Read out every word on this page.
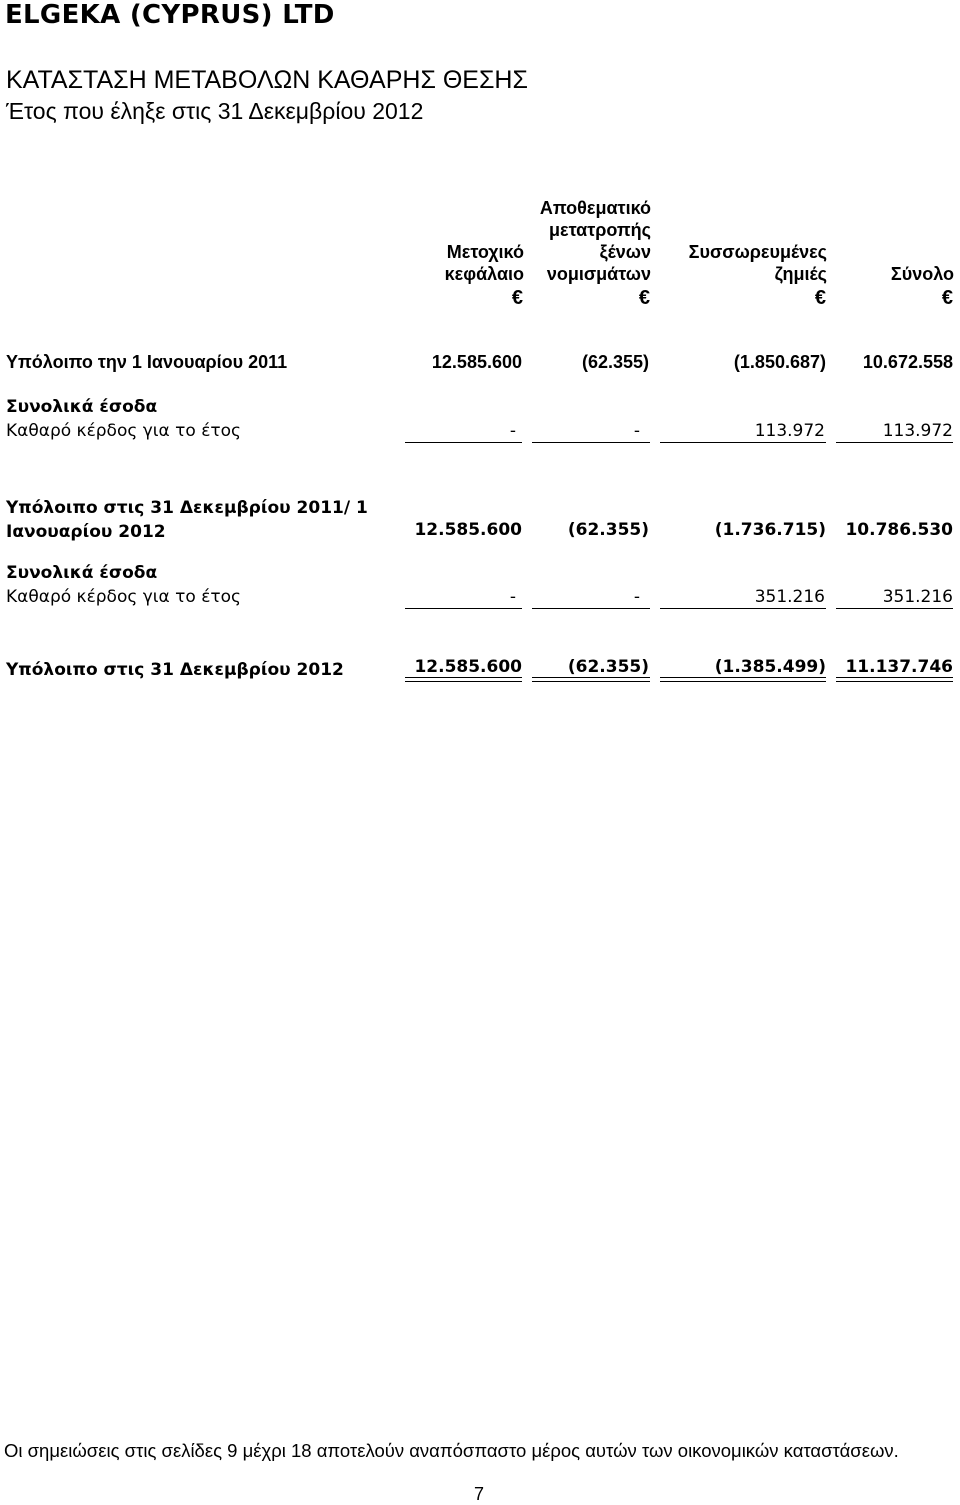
ELGEKA (CYPRUS) LTD
ΚΑΤΑΣΤΑΣΗ ΜΕΤΑΒΟΛΩΝ ΚΑΘΑΡΗΣ ΘΕΣΗΣ
Έτος που έληξε στις 31 Δεκεμβρίου 2012
Μετοχικό
κεφάλαιο
Αποθεματικό
μετατροπής
ξένων
νομισμάτων
Συσσωρευμένες
ζημιές	Σύνολο
€	€	€	€
Υπόλοιπο την 1 Ιανουαρίου 2011	12.585.600	(62.355)	(1.850.687) 10.672.558
Συνολικά έσοδα
Καθαρό κέρδος για το έτος	-	-	113.972	113.972
Υπόλοιπο στις 31 Δεκεμβρίου 2011/ 1
Ιανουαρίου 2012	12.585.600	(62.355)	(1.736.715) 10.786.530
Συνολικά έσοδα
Καθαρό κέρδος για το έτος	-	-	351.216	351.216
Υπόλοιπο στις 31 Δεκεμβρίου 2012	12.585.600	(62.355)	(1.385.499) 11.137.746
Οι σημειώσεις στις σελίδες 9 μέχρι 18 αποτελούν αναπόσπαστο μέρος αυτών των οικονομικών καταστάσεων.
7
